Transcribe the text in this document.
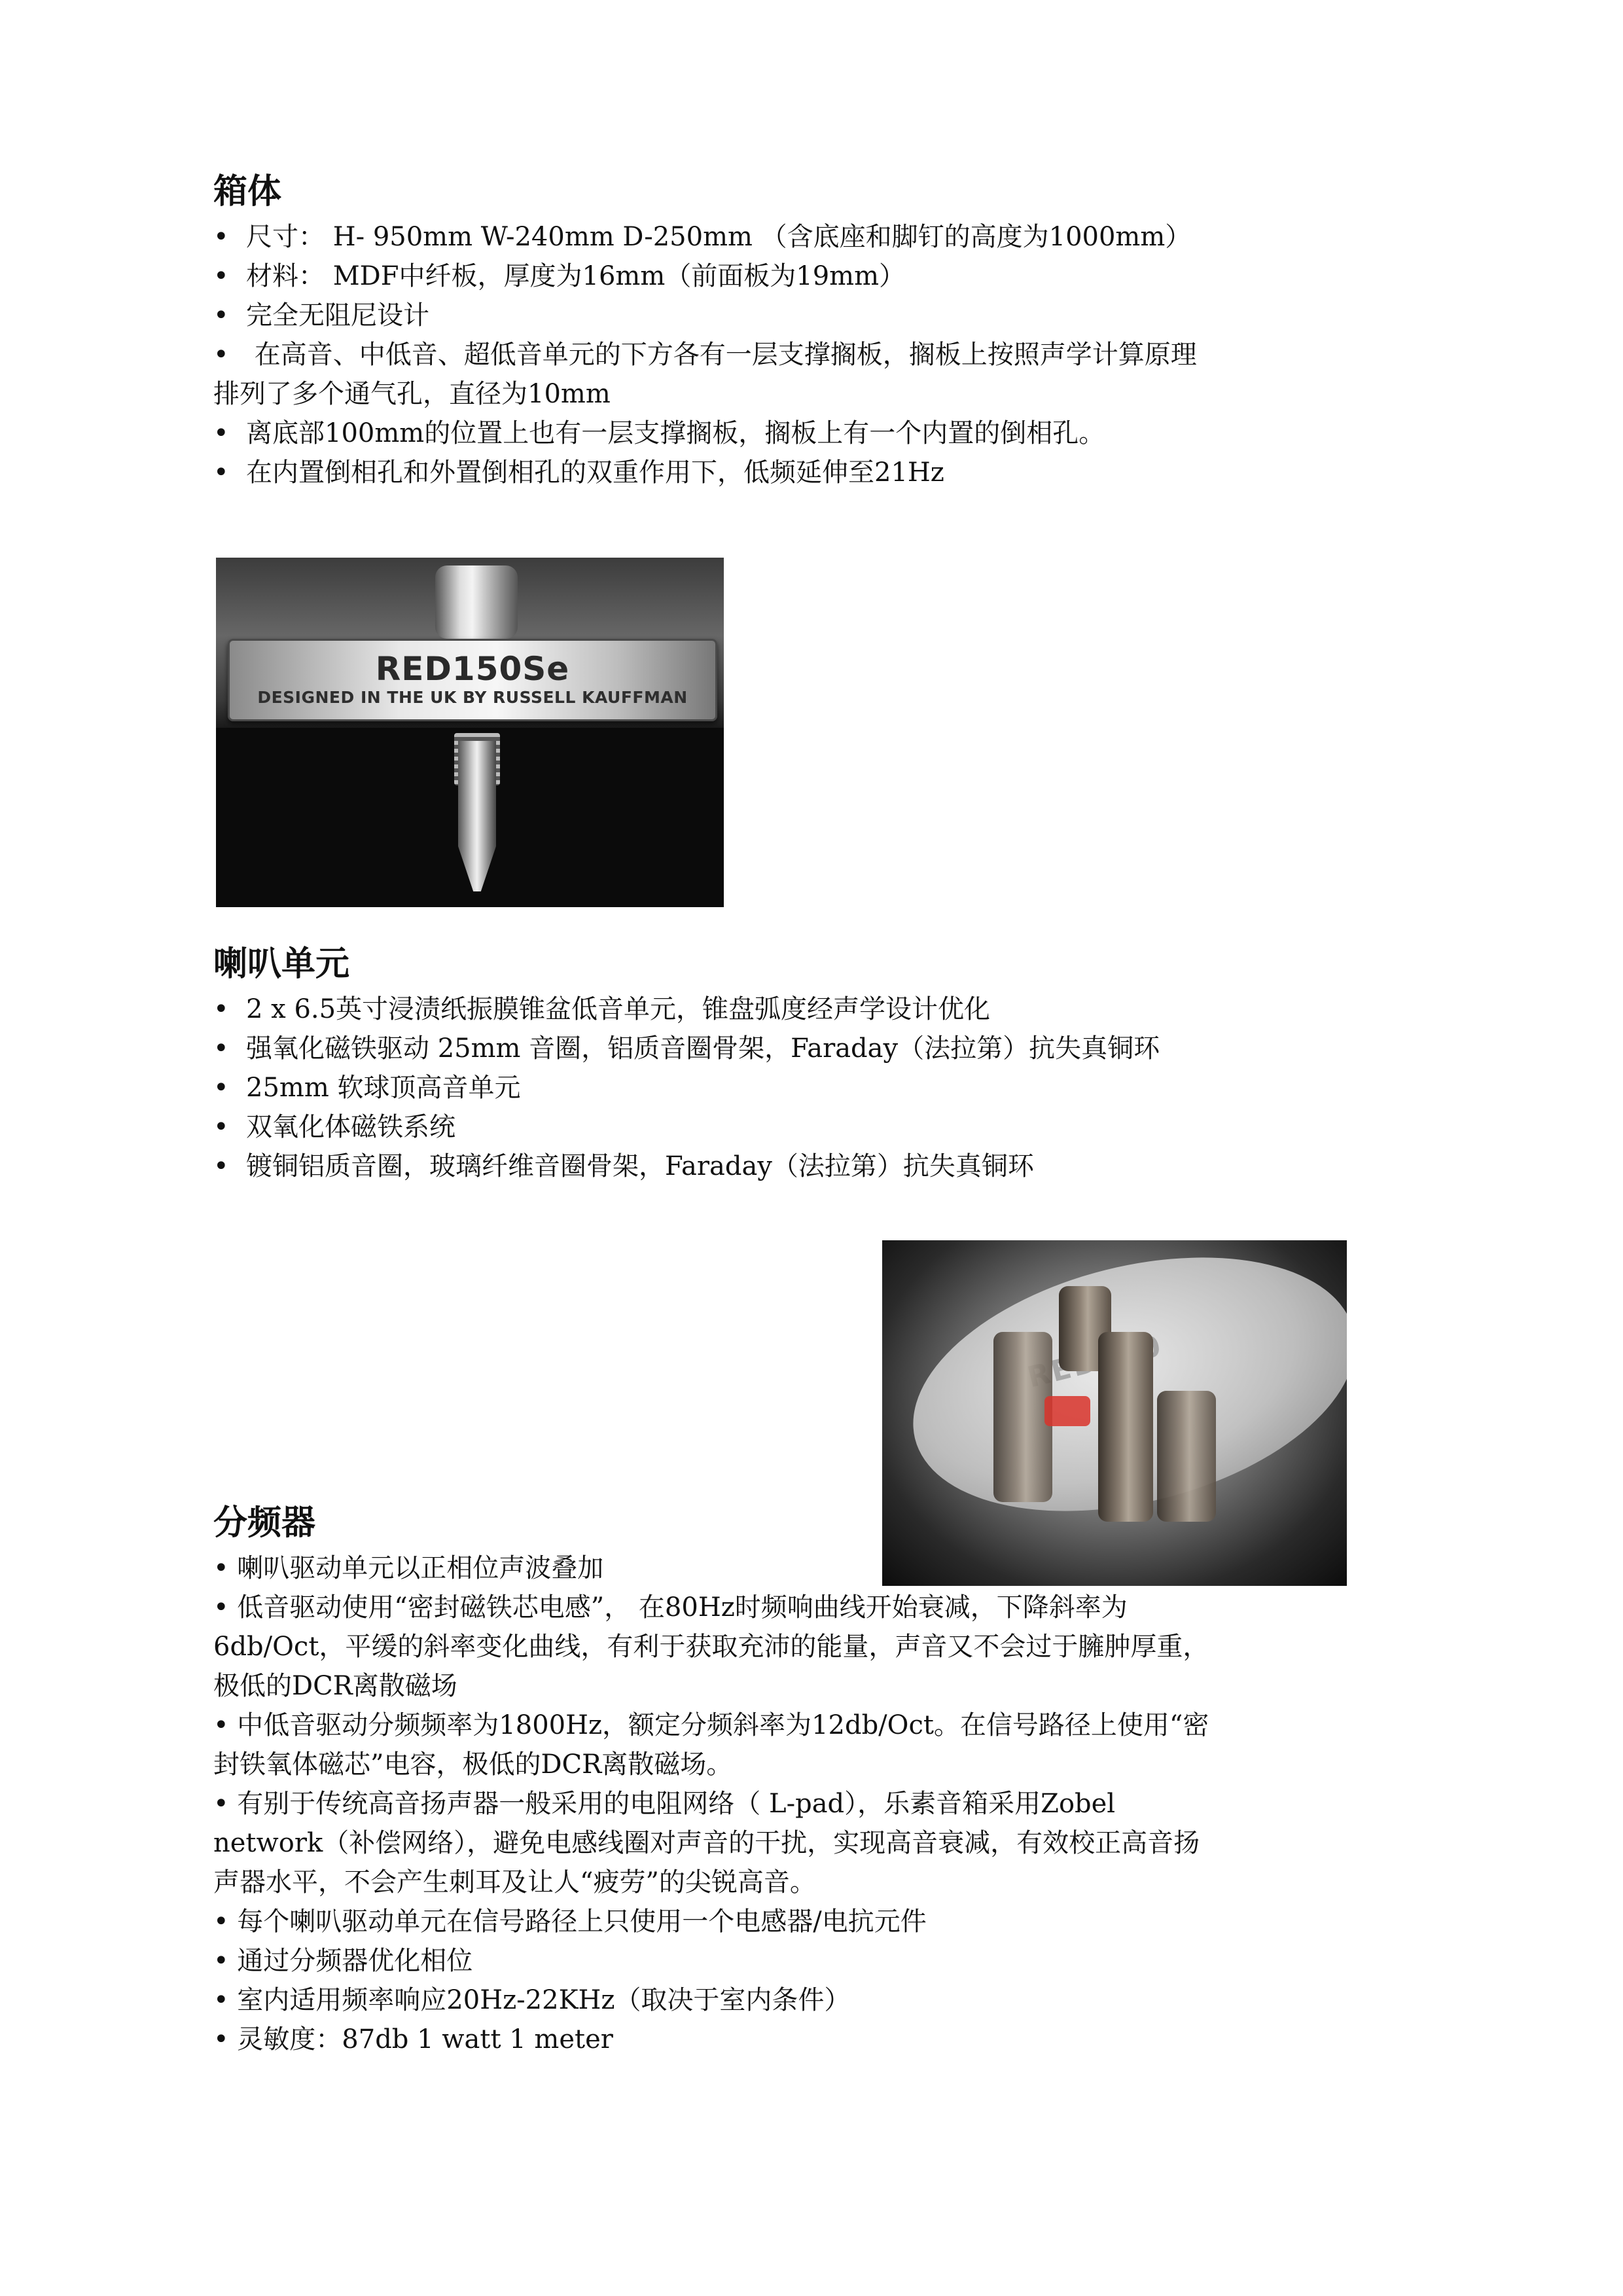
箱体
• 尺寸： H- 950mm W-240mm D-250mm （含底座和脚钉的高度为1000mm）
• 材料： MDF中纤板，厚度为16mm（前面板为19mm）
• 完全无阻尼设计
• 在高音、中低音、超低音单元的下方各有一层支撑搁板，搁板上按照声学计算原理
排列了多个通气孔，直径为10mm
• 离底部100mm的位置上也有一层支撑搁板，搁板上有一个内置的倒相孔。
• 在内置倒相孔和外置倒相孔的双重作用下，低频延伸至21Hz
RED150Se
DESIGNED IN THE UK BY RUSSELL KAUFFMAN
喇叭单元
• 2 x 6.5英寸浸渍纸振膜锥盆低音单元，锥盘弧度经声学设计优化
• 强氧化磁铁驱动 25mm 音圈，铝质音圈骨架，Faraday（法拉第）抗失真铜环
• 25mm 软球顶高音单元
• 双氧化体磁铁系统
• 镀铜铝质音圈，玻璃纤维音圈骨架，Faraday（法拉第）抗失真铜环
分频器
• 喇叭驱动单元以正相位声波叠加
• 低音驱动使用“密封磁铁芯电感”， 在80Hz时频响曲线开始衰减，下降斜率为
6db/Oct，平缓的斜率变化曲线，有利于获取充沛的能量，声音又不会过于臃肿厚重，
极低的DCR离散磁场
• 中低音驱动分频频率为1800Hz，额定分频斜率为12db/Oct。在信号路径上使用“密
封铁氧体磁芯”电容，极低的DCR离散磁场。
• 有别于传统高音扬声器一般采用的电阻网络（ L-pad），乐素音箱采用Zobel
network（补偿网络），避免电感线圈对声音的干扰，实现高音衰减，有效校正高音扬
声器水平，不会产生刺耳及让人“疲劳”的尖锐高音。
• 每个喇叭驱动单元在信号路径上只使用一个电感器/电抗元件
• 通过分频器优化相位
• 室内适用频率响应20Hz-22KHz（取决于室内条件）
• 灵敏度：87db 1 watt 1 meter
